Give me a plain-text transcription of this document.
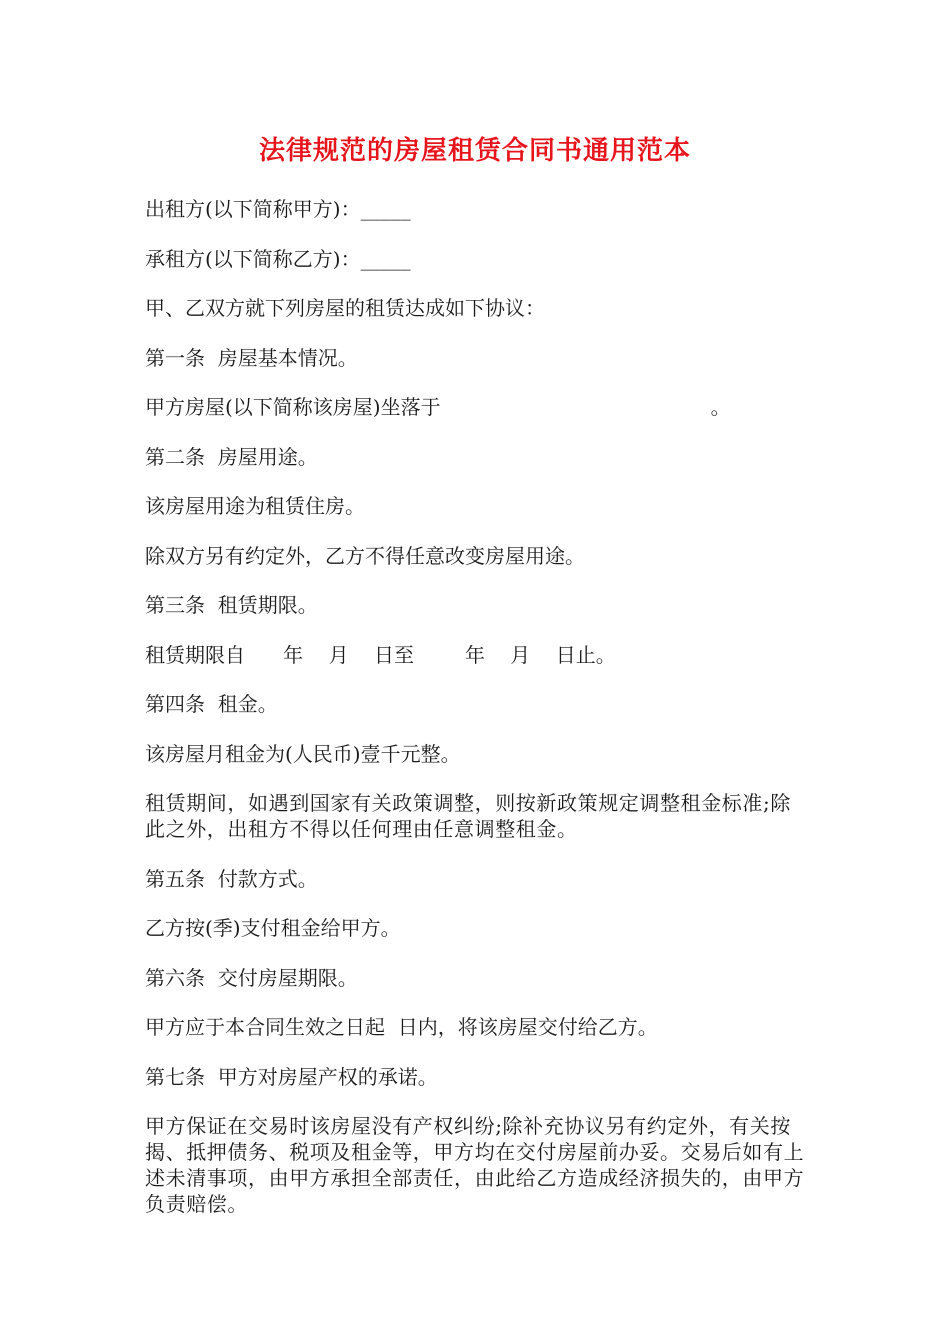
法律规范的房屋租赁合同书通用范本

出租方(以下简称甲方)：_____

承租方(以下简称乙方)：_____

甲、乙双方就下列房屋的租赁达成如下协议：

第一条  房屋基本情况。

甲方房屋(以下简称该房屋)坐落于	。

第二条  房屋用途。

该房屋用途为租赁住房。

除双方另有约定外，乙方不得任意改变房屋用途。

第三条  租赁期限。

租赁期限自      年    月    日至        年    月    日止。

第四条  租金。

该房屋月租金为(人民币)壹千元整。

租赁期间，如遇到国家有关政策调整，则按新政策规定调整租金标准;除此之外，出租方不得以任何理由任意调整租金。

第五条  付款方式。

乙方按(季)支付租金给甲方。

第六条  交付房屋期限。

甲方应于本合同生效之日起  日内，将该房屋交付给乙方。

第七条  甲方对房屋产权的承诺。

甲方保证在交易时该房屋没有产权纠纷;除补充协议另有约定外，有关按揭、抵押债务、税项及租金等，甲方均在交付房屋前办妥。交易后如有上述未清事项，由甲方承担全部责任，由此给乙方造成经济损失的，由甲方负责赔偿。
